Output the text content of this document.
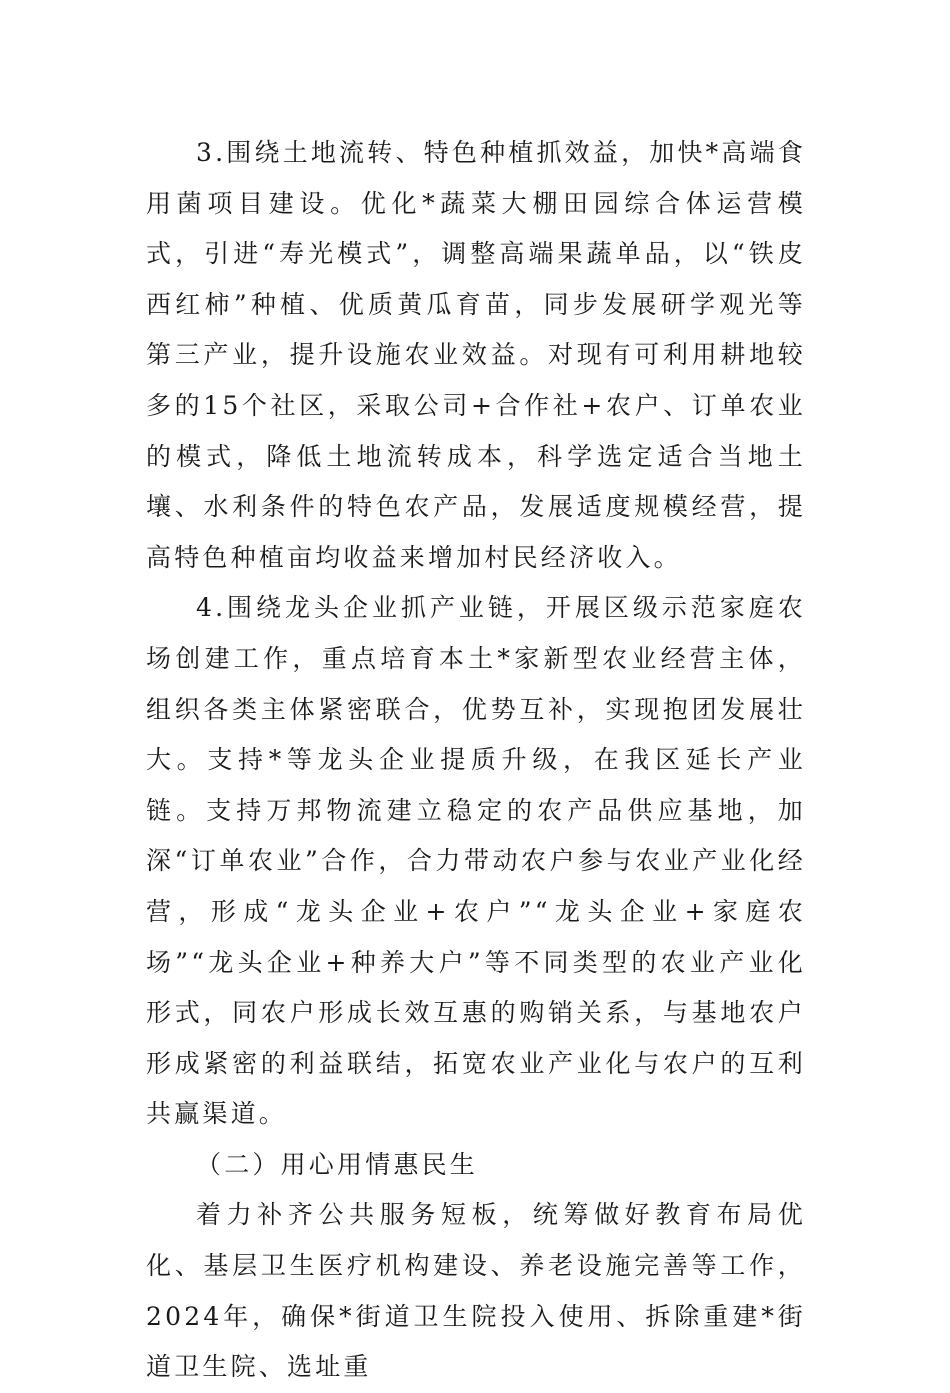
3.围绕土地流转、特色种植抓效益，加快*高端食用菌项目建设。优化*蔬菜大棚田园综合体运营模式，引进“寿光模式”，调整高端果蔬单品，以“铁皮西红柿”种植、优质黄瓜育苗，同步发展研学观光等第三产业，提升设施农业效益。对现有可利用耕地较多的15个社区，采取公司+合作社+农户、订单农业的模式，降低土地流转成本，科学选定适合当地土壤、水利条件的特色农产品，发展适度规模经营，提高特色种植亩均收益来增加村民经济收入。

4.围绕龙头企业抓产业链，开展区级示范家庭农场创建工作，重点培育本土*家新型农业经营主体，组织各类主体紧密联合，优势互补，实现抱团发展壮大。支持*等龙头企业提质升级，在我区延长产业链。支持万邦物流建立稳定的农产品供应基地，加深“订单农业”合作，合力带动农户参与农业产业化经营，形成“龙头企业+农户”“龙头企业+家庭农场”“龙头企业+种养大户”等不同类型的农业产业化形式，同农户形成长效互惠的购销关系，与基地农户形成紧密的利益联结，拓宽农业产业化与农户的互利共赢渠道。

（二）用心用情惠民生

着力补齐公共服务短板，统筹做好教育布局优化、基层卫生医疗机构建设、养老设施完善等工作，2024年，确保*街道卫生院投入使用、拆除重建*街道卫生院、选址重
